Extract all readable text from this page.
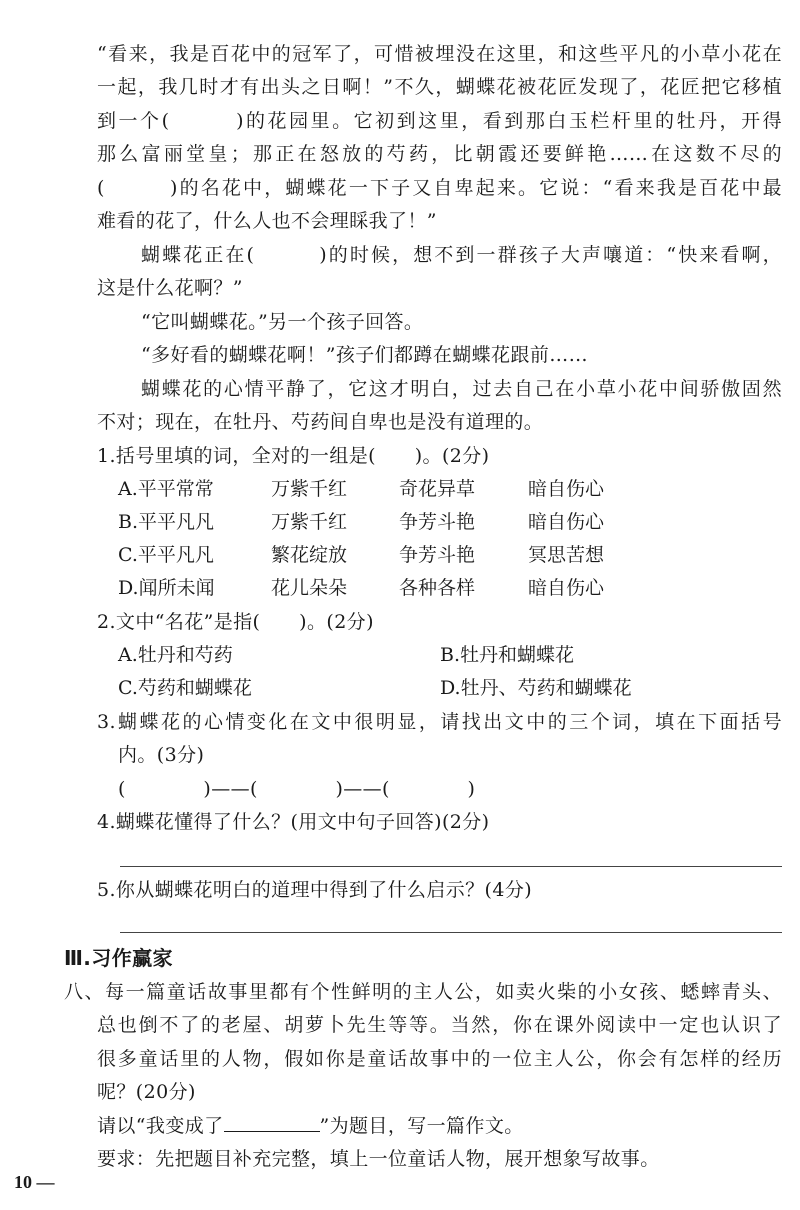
“看来，我是百花中的冠军了，可惜被埋没在这里，和这些平凡的小草小花在
一起，我几时才有出头之日啊！”不久，蝴蝶花被花匠发现了，花匠把它移植
到一个(　　　)的花园里。它初到这里，看到那白玉栏杆里的牡丹，开得
那么富丽堂皇；那正在怒放的芍药，比朝霞还要鲜艳……在这数不尽的
(　　　)的名花中，蝴蝶花一下子又自卑起来。它说：“看来我是百花中最
难看的花了，什么人也不会理睬我了！”
蝴蝶花正在(　　　)的时候，想不到一群孩子大声嚷道：“快来看啊，
这是什么花啊？”
“它叫蝴蝶花。”另一个孩子回答。
“多好看的蝴蝶花啊！”孩子们都蹲在蝴蝶花跟前……
蝴蝶花的心情平静了，它这才明白，过去自己在小草小花中间骄傲固然
不对；现在，在牡丹、芍药间自卑也是没有道理的。
1.括号里填的词，全对的一组是(　　)。(2分)
A.平平常常	万紫千红	奇花异草	暗自伤心
B.平平凡凡	万紫千红	争芳斗艳	暗自伤心
C.平平凡凡	繁花绽放	争芳斗艳	冥思苦想
D.闻所未闻	花儿朵朵	各种各样	暗自伤心
2.文中“名花”是指(　　)。(2分)
A.牡丹和芍药	B.牡丹和蝴蝶花
C.芍药和蝴蝶花	D.牡丹、芍药和蝴蝶花
3.蝴蝶花的心情变化在文中很明显，请找出文中的三个词，填在下面括号
内。(3分)
(　　　　)——(　　　　)——(　　　　)
4.蝴蝶花懂得了什么？(用文中句子回答)(2分)
5.你从蝴蝶花明白的道理中得到了什么启示？(4分)
Ⅲ.习作赢家
八、每一篇童话故事里都有个性鲜明的主人公，如卖火柴的小女孩、蟋蟀青头、
总也倒不了的老屋、胡萝卜先生等等。当然，你在课外阅读中一定也认识了
很多童话里的人物，假如你是童话故事中的一位主人公，你会有怎样的经历
呢？(20分)
请以“我变成了	”为题目，写一篇作文。
要求：先把题目补充完整，填上一位童话人物，展开想象写故事。
10 —
